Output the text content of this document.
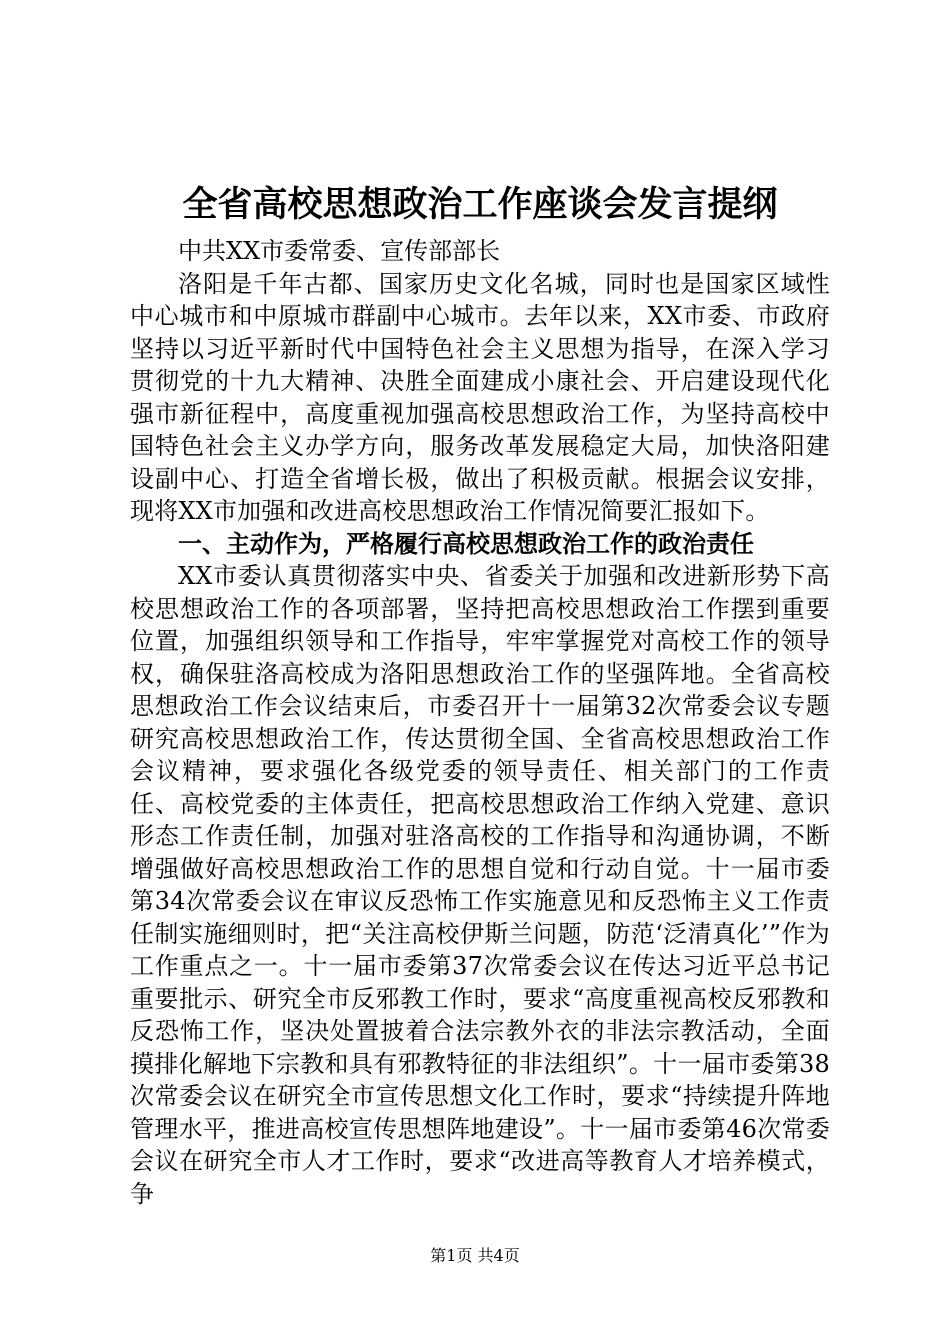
全省高校思想政治工作座谈会发言提纲

中共XX市委常委、宣传部部长

洛阳是千年古都、国家历史文化名城，同时也是国家区域性中心城市和中原城市群副中心城市。去年以来，XX市委、市政府坚持以习近平新时代中国特色社会主义思想为指导，在深入学习贯彻党的十九大精神、决胜全面建成小康社会、开启建设现代化强市新征程中，高度重视加强高校思想政治工作，为坚持高校中国特色社会主义办学方向，服务改革发展稳定大局，加快洛阳建设副中心、打造全省增长极，做出了积极贡献。根据会议安排，现将XX市加强和改进高校思想政治工作情况简要汇报如下。

一、主动作为，严格履行高校思想政治工作的政治责任

XX市委认真贯彻落实中央、省委关于加强和改进新形势下高校思想政治工作的各项部署，坚持把高校思想政治工作摆到重要位置，加强组织领导和工作指导，牢牢掌握党对高校工作的领导权，确保驻洛高校成为洛阳思想政治工作的坚强阵地。全省高校思想政治工作会议结束后，市委召开十一届第32次常委会议专题研究高校思想政治工作，传达贯彻全国、全省高校思想政治工作会议精神，要求强化各级党委的领导责任、相关部门的工作责任、高校党委的主体责任，把高校思想政治工作纳入党建、意识形态工作责任制，加强对驻洛高校的工作指导和沟通协调，不断增强做好高校思想政治工作的思想自觉和行动自觉。十一届市委第34次常委会议在审议反恐怖工作实施意见和反恐怖主义工作责任制实施细则时，把“关注高校伊斯兰问题，防范‘泛清真化’”作为工作重点之一。十一届市委第37次常委会议在传达习近平总书记重要批示、研究全市反邪教工作时，要求“高度重视高校反邪教和反恐怖工作，坚决处置披着合法宗教外衣的非法宗教活动，全面摸排化解地下宗教和具有邪教特征的非法组织”。十一届市委第38次常委会议在研究全市宣传思想文化工作时，要求“持续提升阵地管理水平，推进高校宣传思想阵地建设”。十一届市委第46次常委会议在研究全市人才工作时，要求“改进高等教育人才培养模式，争

第1页 共4页
